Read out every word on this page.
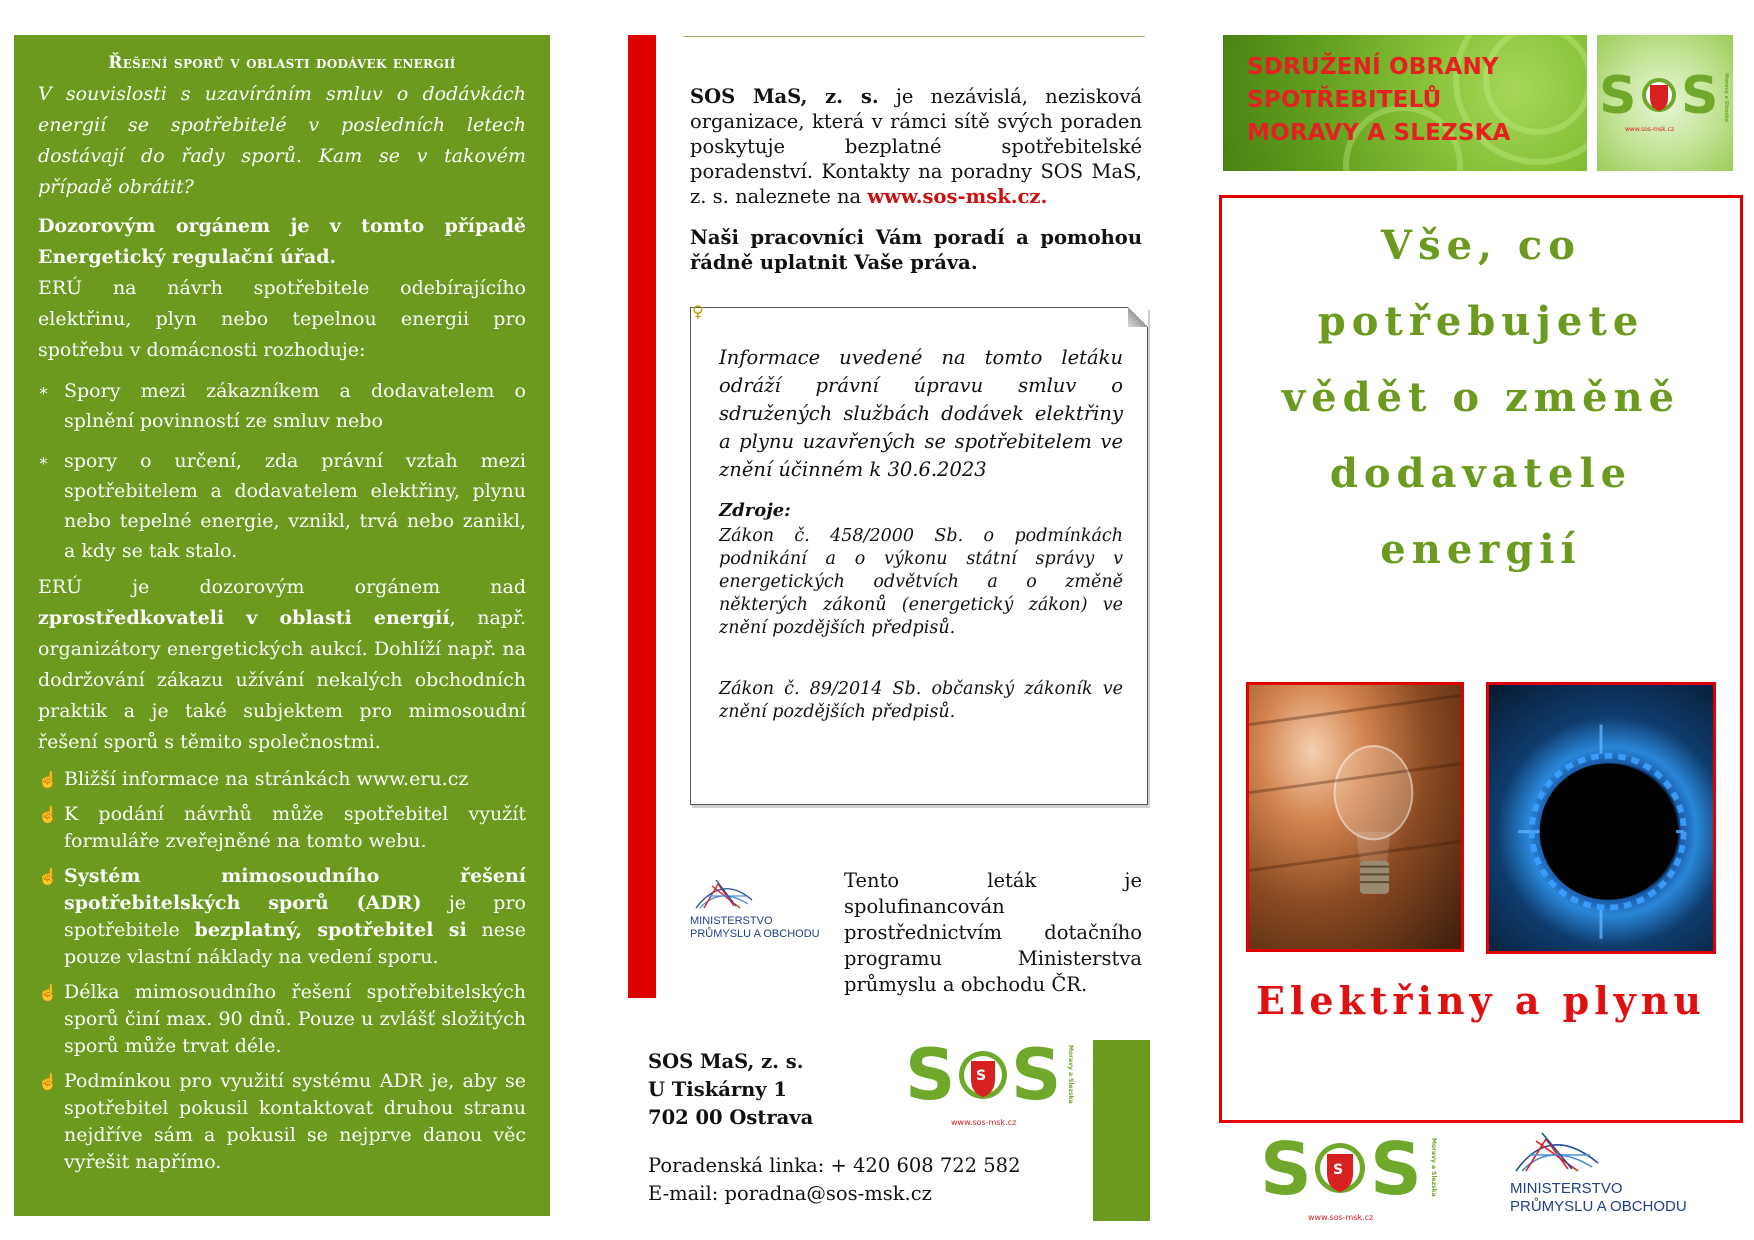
Řešení sporů v oblasti dodávek energií

V souvislosti s uzavíráním smluv o dodávkách energií se spotřebitelé v posledních letech dostávají do řady sporů. Kam se v takovém případě obrátit?

Dozorovým orgánem je v tomto případě Energetický regulační úřad.

ERÚ na návrh spotřebitele odebírajícího elektřinu, plyn nebo tepelnou energii pro spotřebu v domácnosti rozhoduje:

∗ Spory mezi zákazníkem a dodavatelem o splnění povinností ze smluv nebo
∗ spory o určení, zda právní vztah mezi spotřebitelem a dodavatelem elektřiny, plynu nebo tepelné energie, vznikl, trvá nebo zanikl, a kdy se tak stalo.

ERÚ je dozorovým orgánem nad zprostředkovateli v oblasti energií, např. organizátory energetických aukcí. Dohlíží např. na dodržování zákazu užívání nekalých obchodních praktik a je také subjektem pro mimosoudní řešení sporů s těmito společnostmi.

☝ Bližší informace na stránkách www.eru.cz
☝ K podání návrhů může spotřebitel využít formuláře zveřejněné na tomto webu.
☝ Systém mimosoudního řešení spotřebitelských sporů (ADR) je pro spotřebitele bezplatný, spotřebitel si nese pouze vlastní náklady na vedení sporu.
☝ Délka mimosoudního řešení spotřebitelských sporů činí max. 90 dnů. Pouze u zvlášť složitých sporů může trvat déle.
☝ Podmínkou pro využití systému ADR je, aby se spotřebitel pokusil kontaktovat druhou stranu nejdříve sám a pokusil se nejprve danou věc vyřešit napřímo.

SOS MaS, z. s. je nezávislá, nezisková organizace, která v rámci sítě svých poraden poskytuje bezplatné spotřebitelské poradenství. Kontakty na poradny SOS MaS, z. s. naleznete na www.sos-msk.cz.

Naši pracovníci Vám poradí a pomohou řádně uplatnit Vaše práva.

♀

Informace uvedené na tomto letáku odráží právní úpravu smluv o sdružených službách dodávek elektřiny a plynu uzavřených se spotřebitelem ve znění účinném k 30.6.2023

Zdroje:

Zákon č. 458/2000 Sb. o podmínkách podnikání a o výkonu státní správy v energetických odvětvích a o změně některých zákonů (energetický zákon) ve znění pozdějších předpisů.

Zákon č. 89/2014 Sb. občanský zákoník ve znění pozdějších předpisů.

MINISTERSTVO
PRŮMYSLU A OBCHODU

Tento leták je spolufinancován prostřednictvím dotačního programu Ministerstva průmyslu a obchodu ČR.

SOS MaS, z. s.
U Tiskárny 1
702 00 Ostrava
Poradenská linka: + 420 608 722 582
E-mail: poradna@sos-msk.cz
S S S
www.sos-msk.cz
Moravy a Slezska
SDRUŽENÍ OBRANY
SPOTŘEBITELŮ
MORAVY A SLEZSKA
S S
www.sos-msk.cz
Moravy a Slezska
Vše, co
potřebujete
vědět o změně
dodavatele
energií
Elektřiny a plynu
S S S
www.sos-msk.cz
Moravy a Slezska	MINISTERSTVO
PRŮMYSLU A OBCHODU
